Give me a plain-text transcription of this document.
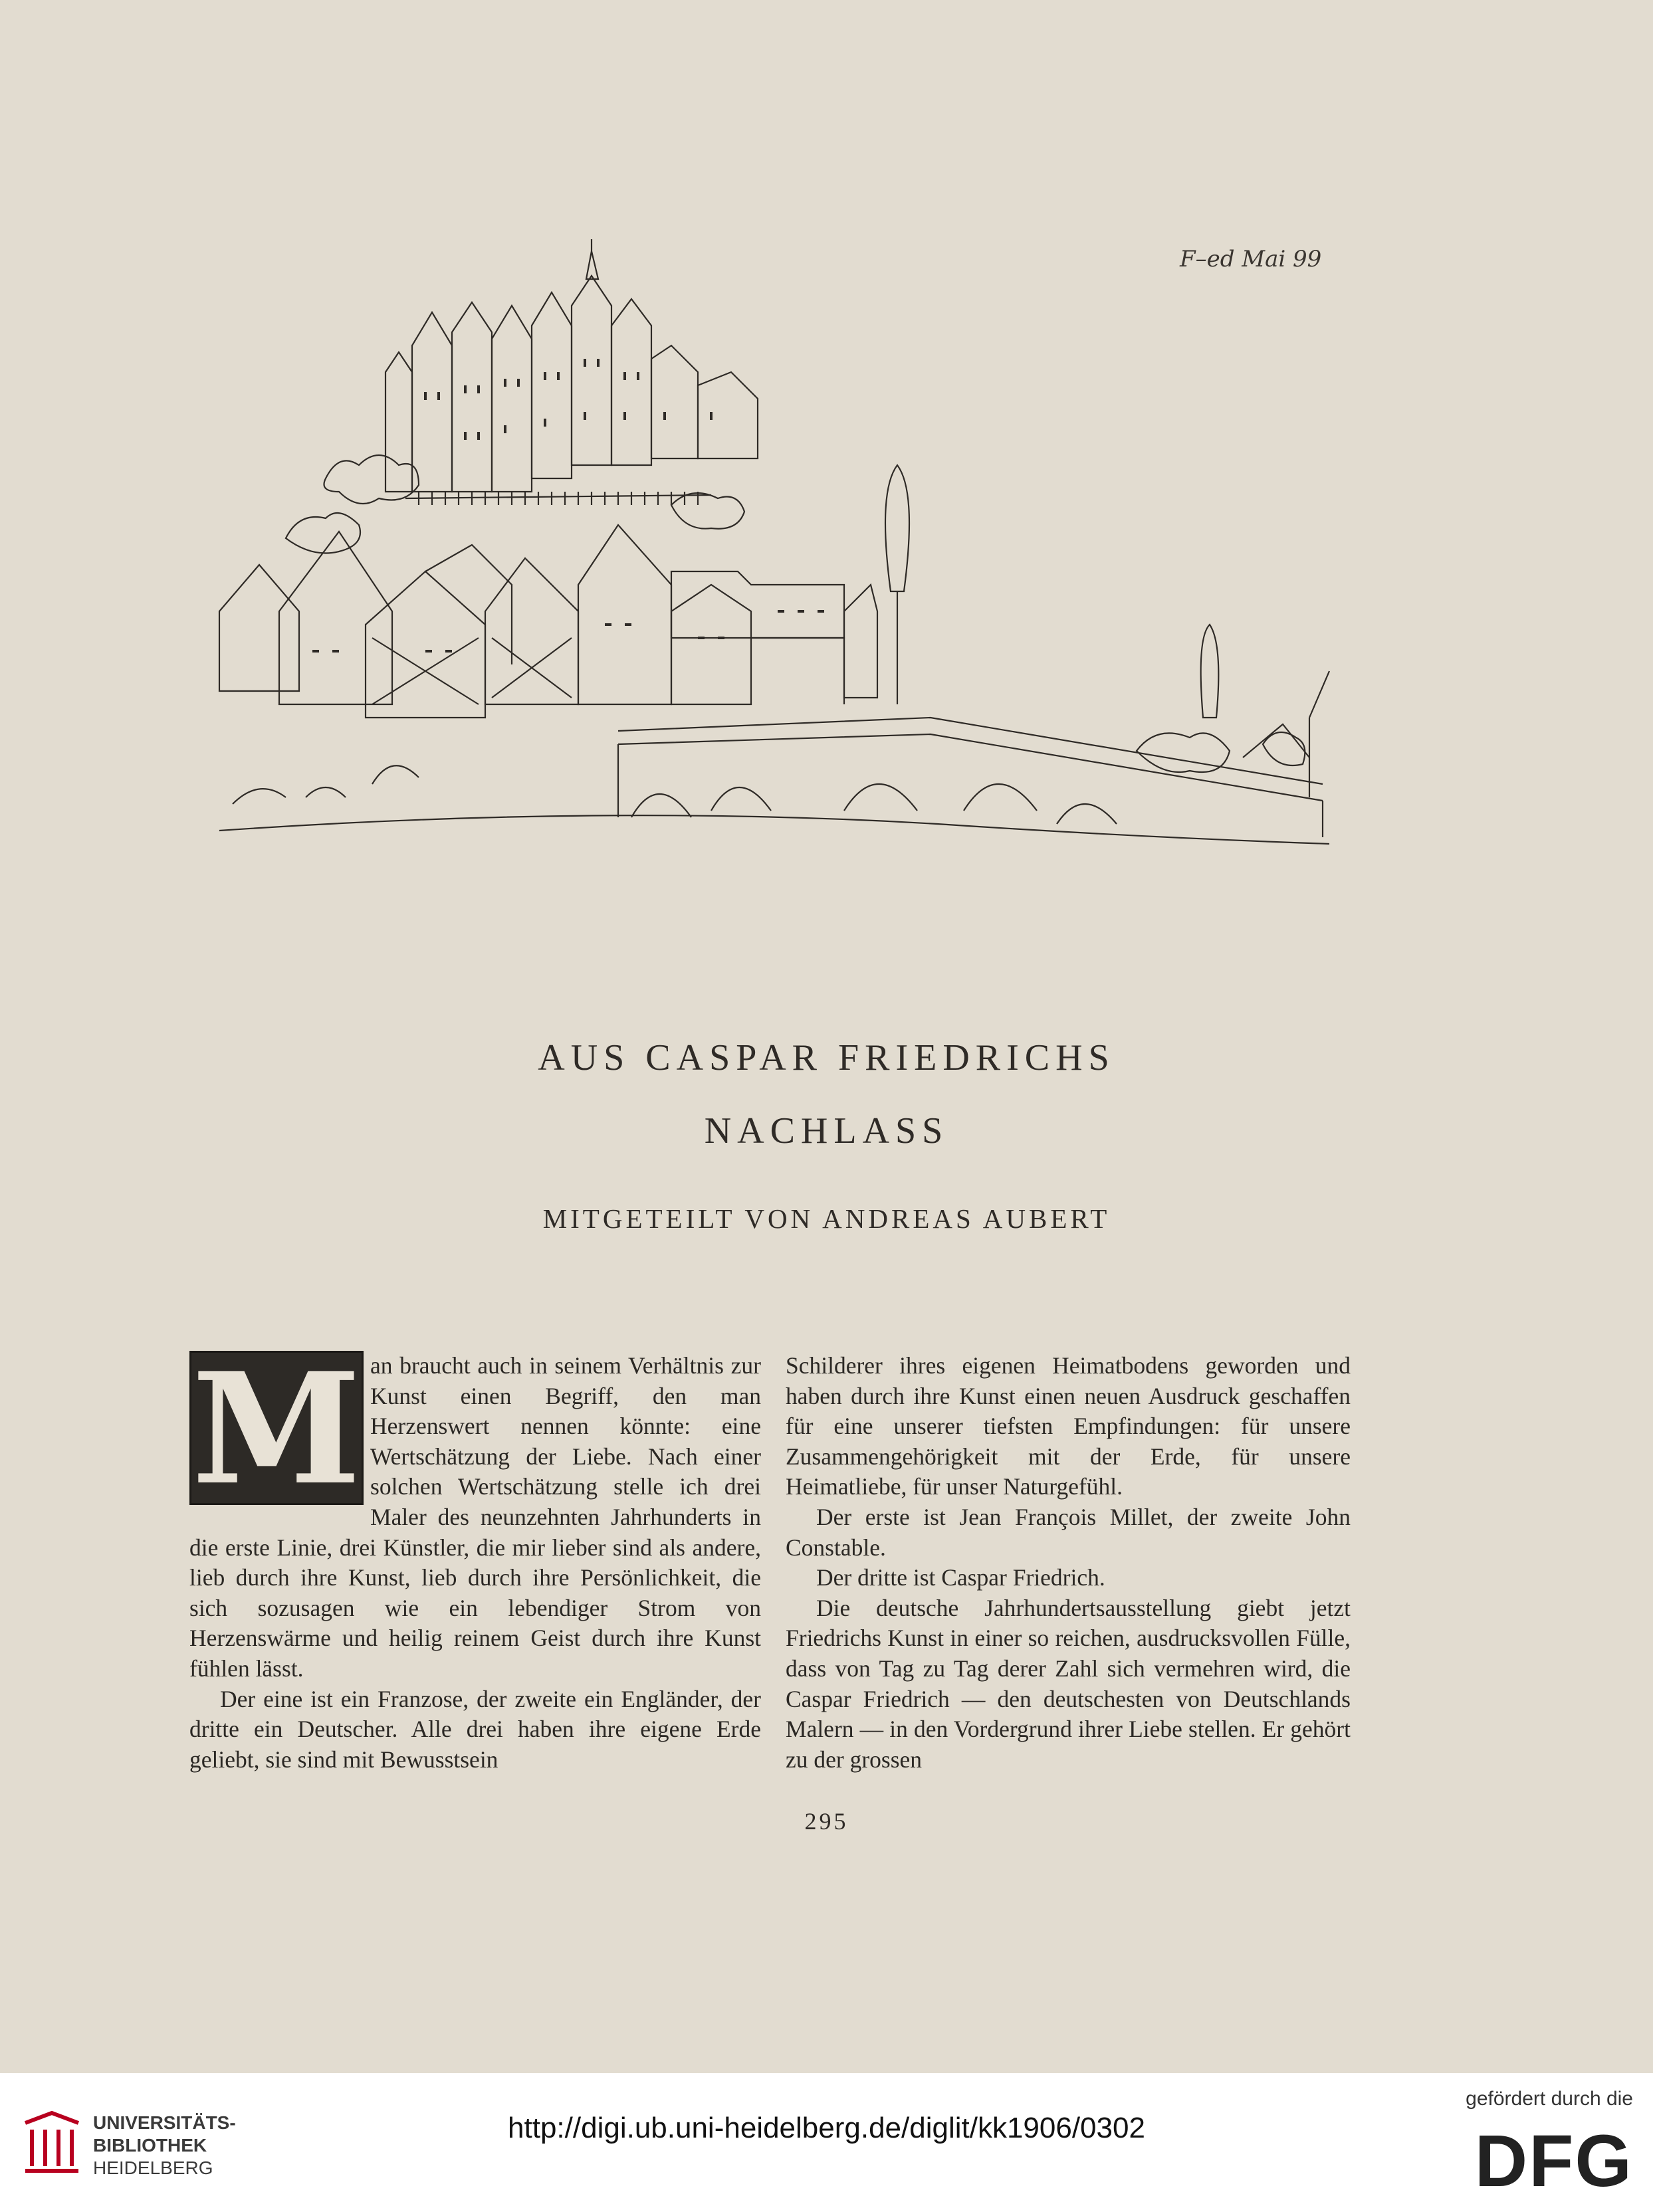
F–ed Mai 99
AUS CASPAR FRIEDRICHS
NACHLASS
MITGETEILT VON ANDREAS AUBERT
M an braucht auch in seinem Verhältnis zur Kunst einen Begriff, den man Herzenswert nennen könnte: eine Wertschätzung der Liebe. Nach einer solchen Wertschätzung stelle ich drei Maler des neunzehnten Jahrhunderts in die erste Linie, drei Künstler, die mir lieber sind als andere, lieb durch ihre Kunst, lieb durch ihre Persönlichkeit, die sich sozusagen wie ein lebendiger Strom von Herzenswärme und heilig reinem Geist durch ihre Kunst fühlen lässt.

Der eine ist ein Franzose, der zweite ein Engländer, der dritte ein Deutscher. Alle drei haben ihre eigene Erde geliebt, sie sind mit Bewusstsein

Schilderer ihres eigenen Heimatbodens geworden und haben durch ihre Kunst einen neuen Ausdruck geschaffen für eine unserer tiefsten Empfindungen: für unsere Zusammengehörigkeit mit der Erde, für unsere Heimatliebe, für unser Naturgefühl.

Der erste ist Jean François Millet, der zweite John Constable.

Der dritte ist Caspar Friedrich.

Die deutsche Jahrhundertsausstellung giebt jetzt Friedrichs Kunst in einer so reichen, ausdrucksvollen Fülle, dass von Tag zu Tag derer Zahl sich vermehren wird, die Caspar Friedrich — den deutschesten von Deutschlands Malern — in den Vordergrund ihrer Liebe stellen. Er gehört zu der grossen

295
UNIVERSITÄTS-
BIBLIOTHEK
HEIDELBERG
http://digi.ub.uni-heidelberg.de/diglit/kk1906/0302
gefördert durch die
DFG
